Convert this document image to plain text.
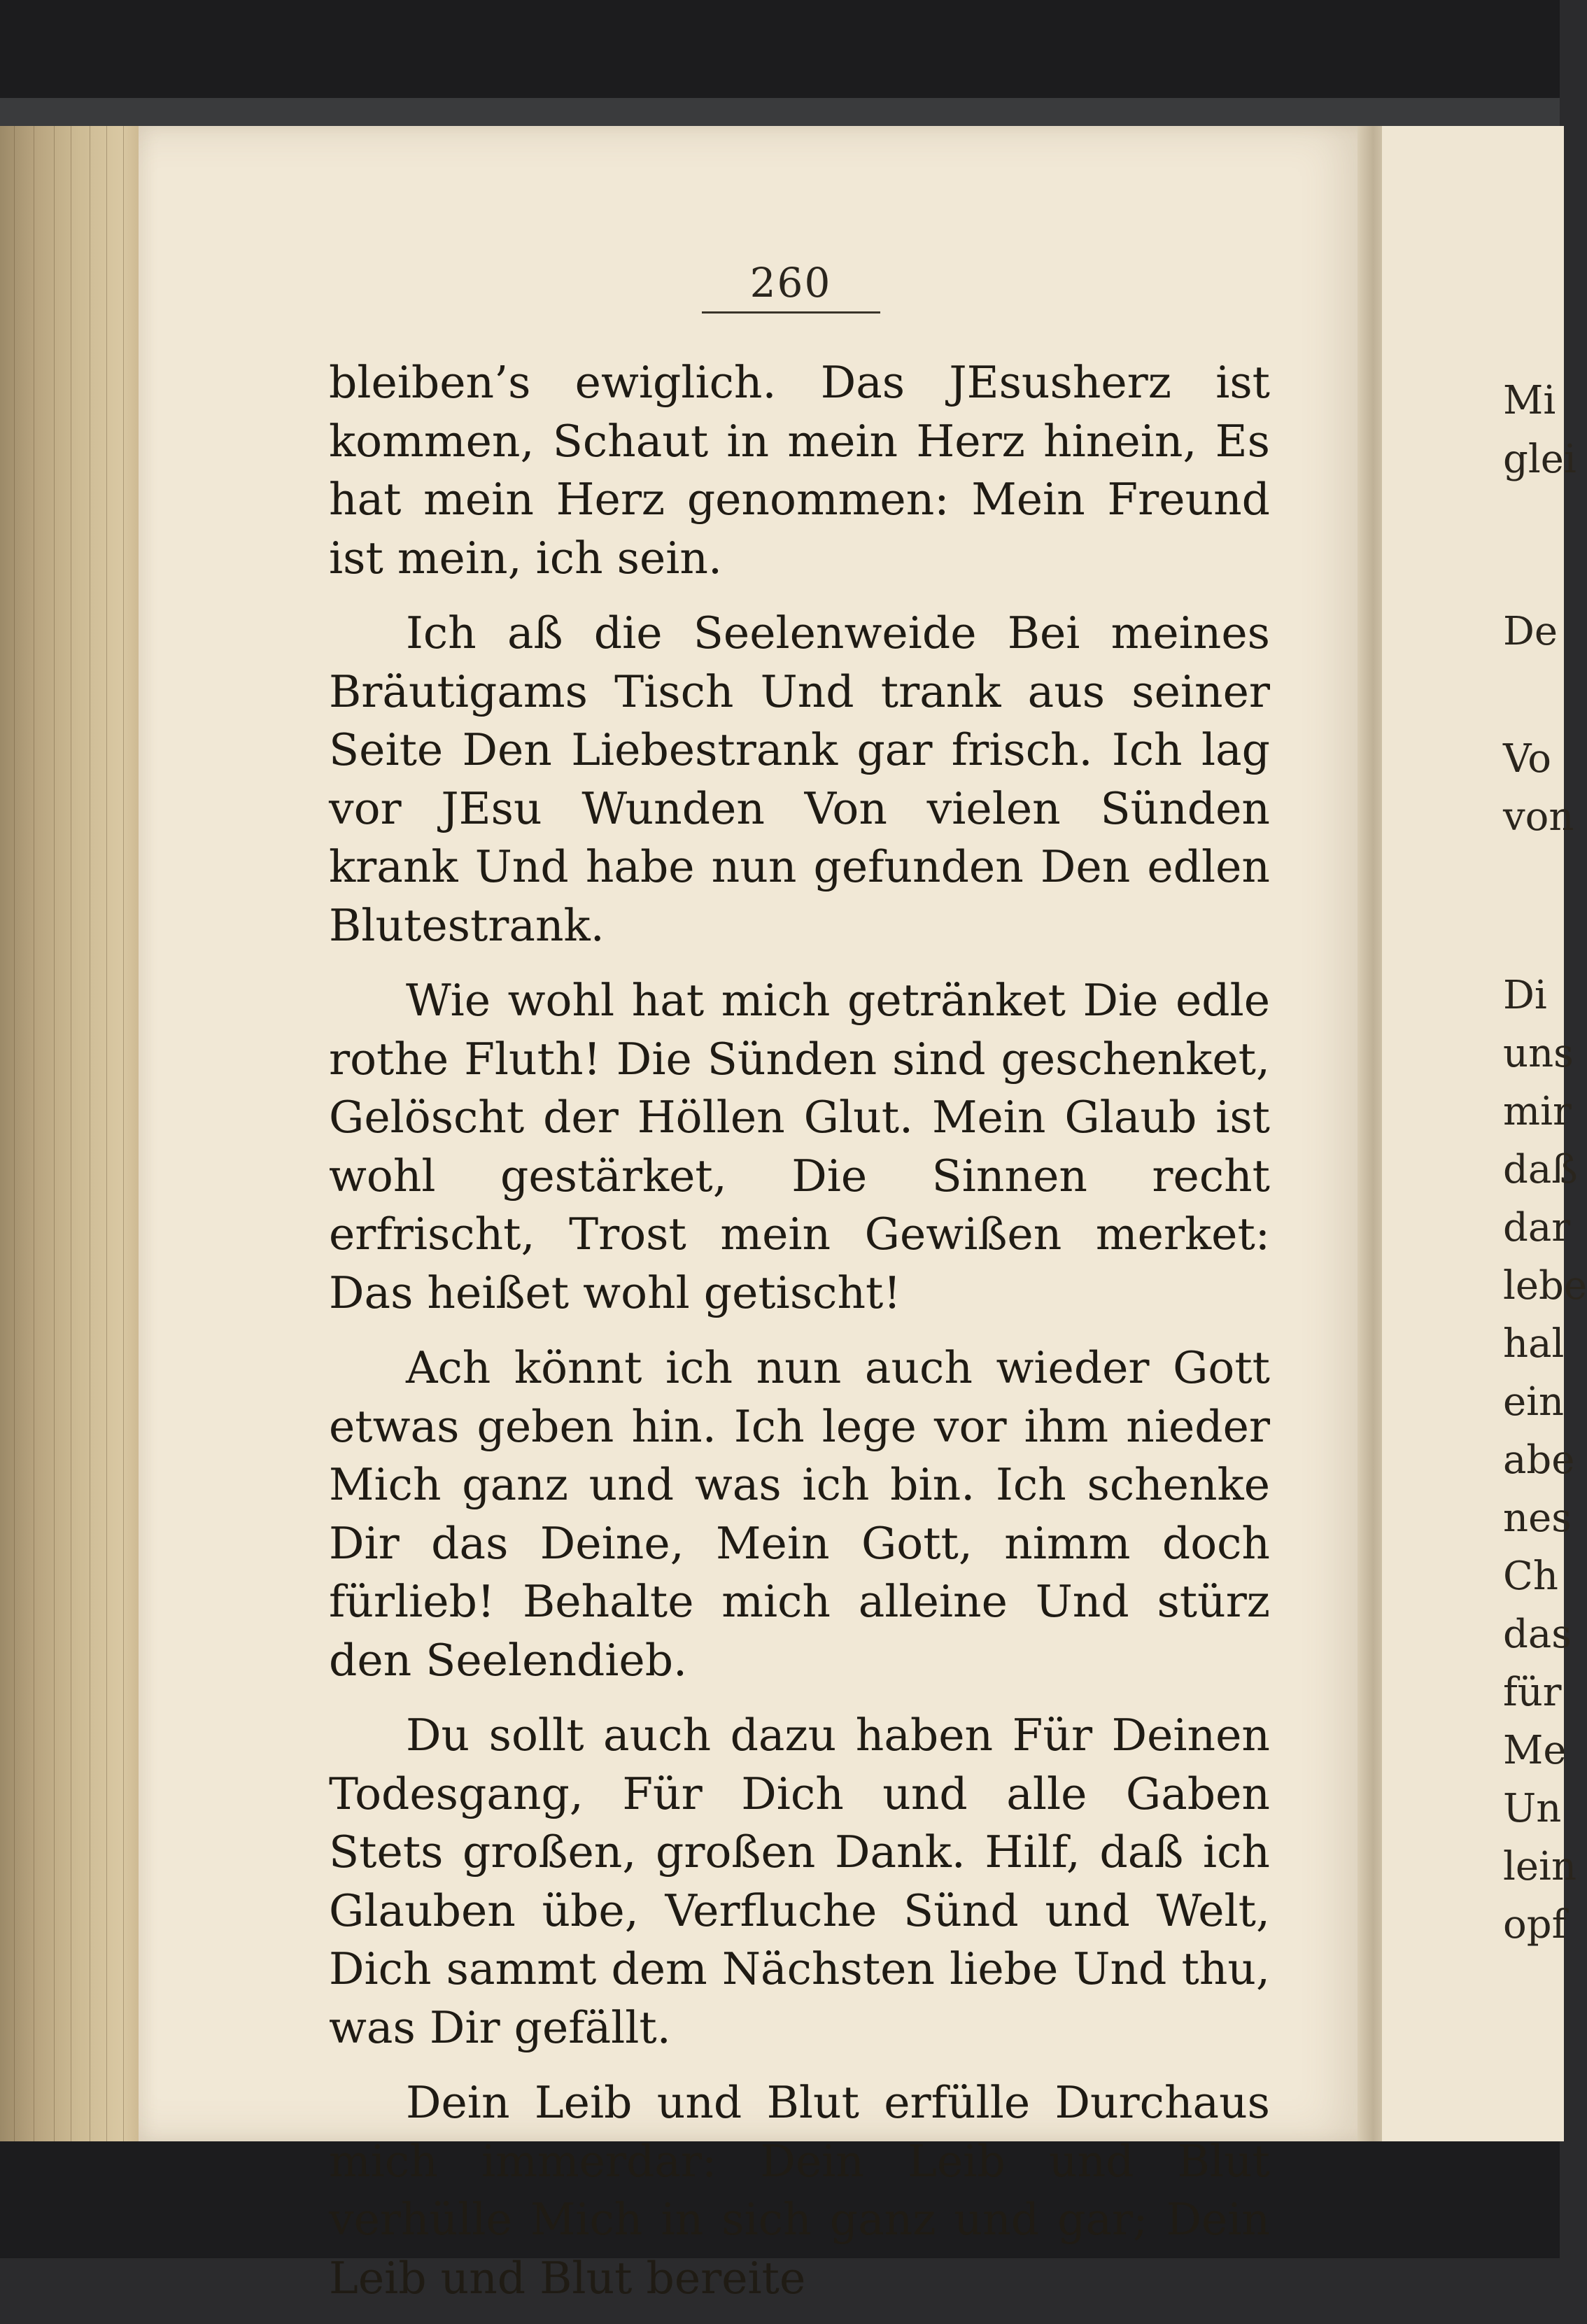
260

bleiben’s ewiglich. Das JEsusherz ist kommen, Schaut in mein Herz hinein, Es hat mein Herz genommen: Mein Freund ist mein, ich sein.

Ich aß die Seelenweide Bei meines Bräutigams Tisch Und trank aus seiner Seite Den Liebestrank gar frisch. Ich lag vor JEsu Wunden Von vielen Sünden krank Und habe nun gefunden Den edlen Blutestrank.

Wie wohl hat mich getränket Die edle rothe Fluth! Die Sünden sind geschenket, Gelöscht der Höllen Glut. Mein Glaub ist wohl gestärket, Die Sinnen recht erfrischt, Trost mein Gewißen merket: Das heißet wohl getischt!

Ach könnt ich nun auch wieder Gott etwas geben hin. Ich lege vor ihm nieder Mich ganz und was ich bin. Ich schenke Dir das Deine, Mein Gott, nimm doch fürlieb! Behalte mich alleine Und stürz den Seelendieb.

Du sollt auch dazu haben Für Deinen Todesgang, Für Dich und alle Gaben Stets großen, großen Dank. Hilf, daß ich Glauben übe, Verfluche Sünd und Welt, Dich sammt dem Nächsten liebe Und thu, was Dir gefällt.

Dein Leib und Blut erfülle Durchaus mich immerdar: Dein Leib und Blut verhülle Mich in sich ganz und gar; Dein Leib und Blut bereite

Mi
glei
De
Vo
von
Di
uns
mir
daß
dar
lebe
hal
ein
abe
nes
Ch
das
für
Me
Un
lein
opf
